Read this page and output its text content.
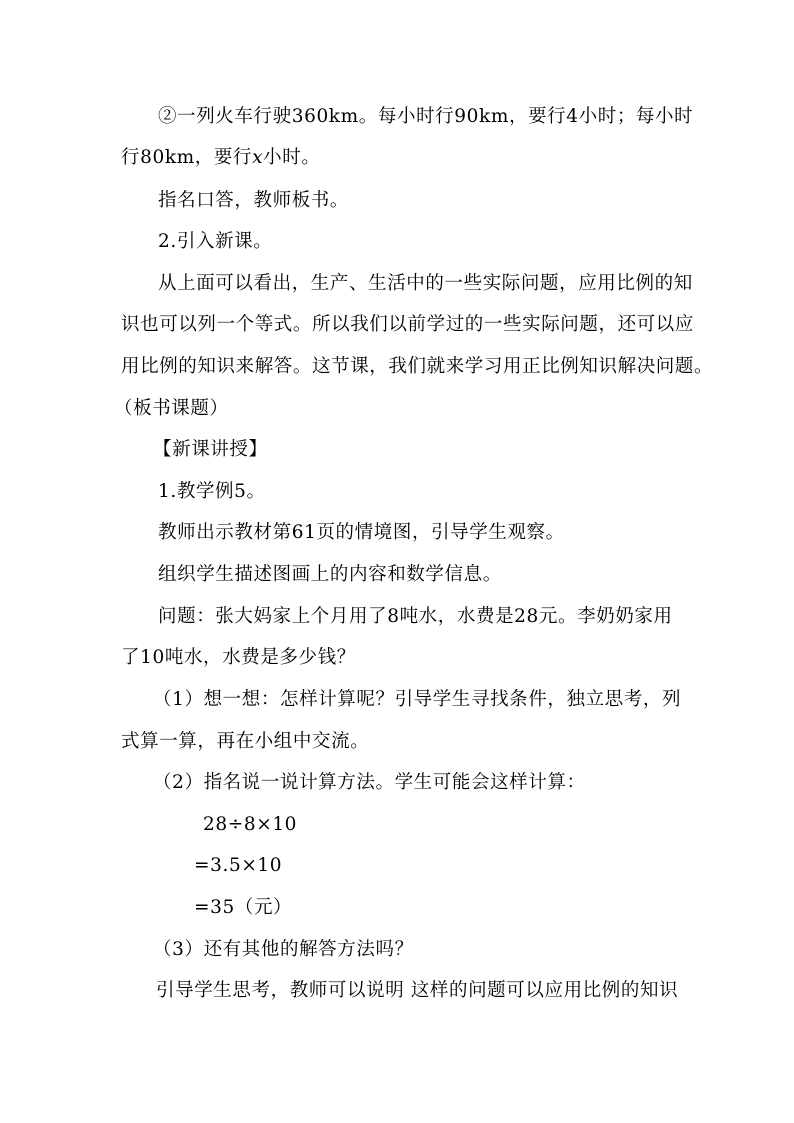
②一列火车行驶360km。每小时行90km，要行4小时；每小时
行80km，要行x小时。
指名口答，教师板书。
2.引入新课。
从上面可以看出，生产、生活中的一些实际问题，应用比例的知
识也可以列一个等式。所以我们以前学过的一些实际问题，还可以应
用比例的知识来解答。这节课，我们就来学习用正比例知识解决问题。
（板书课题）
【新课讲授】
1.教学例5。
教师出示教材第61页的情境图，引导学生观察。
组织学生描述图画上的内容和数学信息。
问题：张大妈家上个月用了8吨水，水费是28元。李奶奶家用
了10吨水，水费是多少钱？
（1）想一想：怎样计算呢？引导学生寻找条件，独立思考，列
式算一算，再在小组中交流。
（2）指名说一说计算方法。学生可能会这样计算：
28÷8×10
=3.5×10
=35（元）
（3）还有其他的解答方法吗？
引导学生思考，教师可以说明 这样的问题可以应用比例的知识
